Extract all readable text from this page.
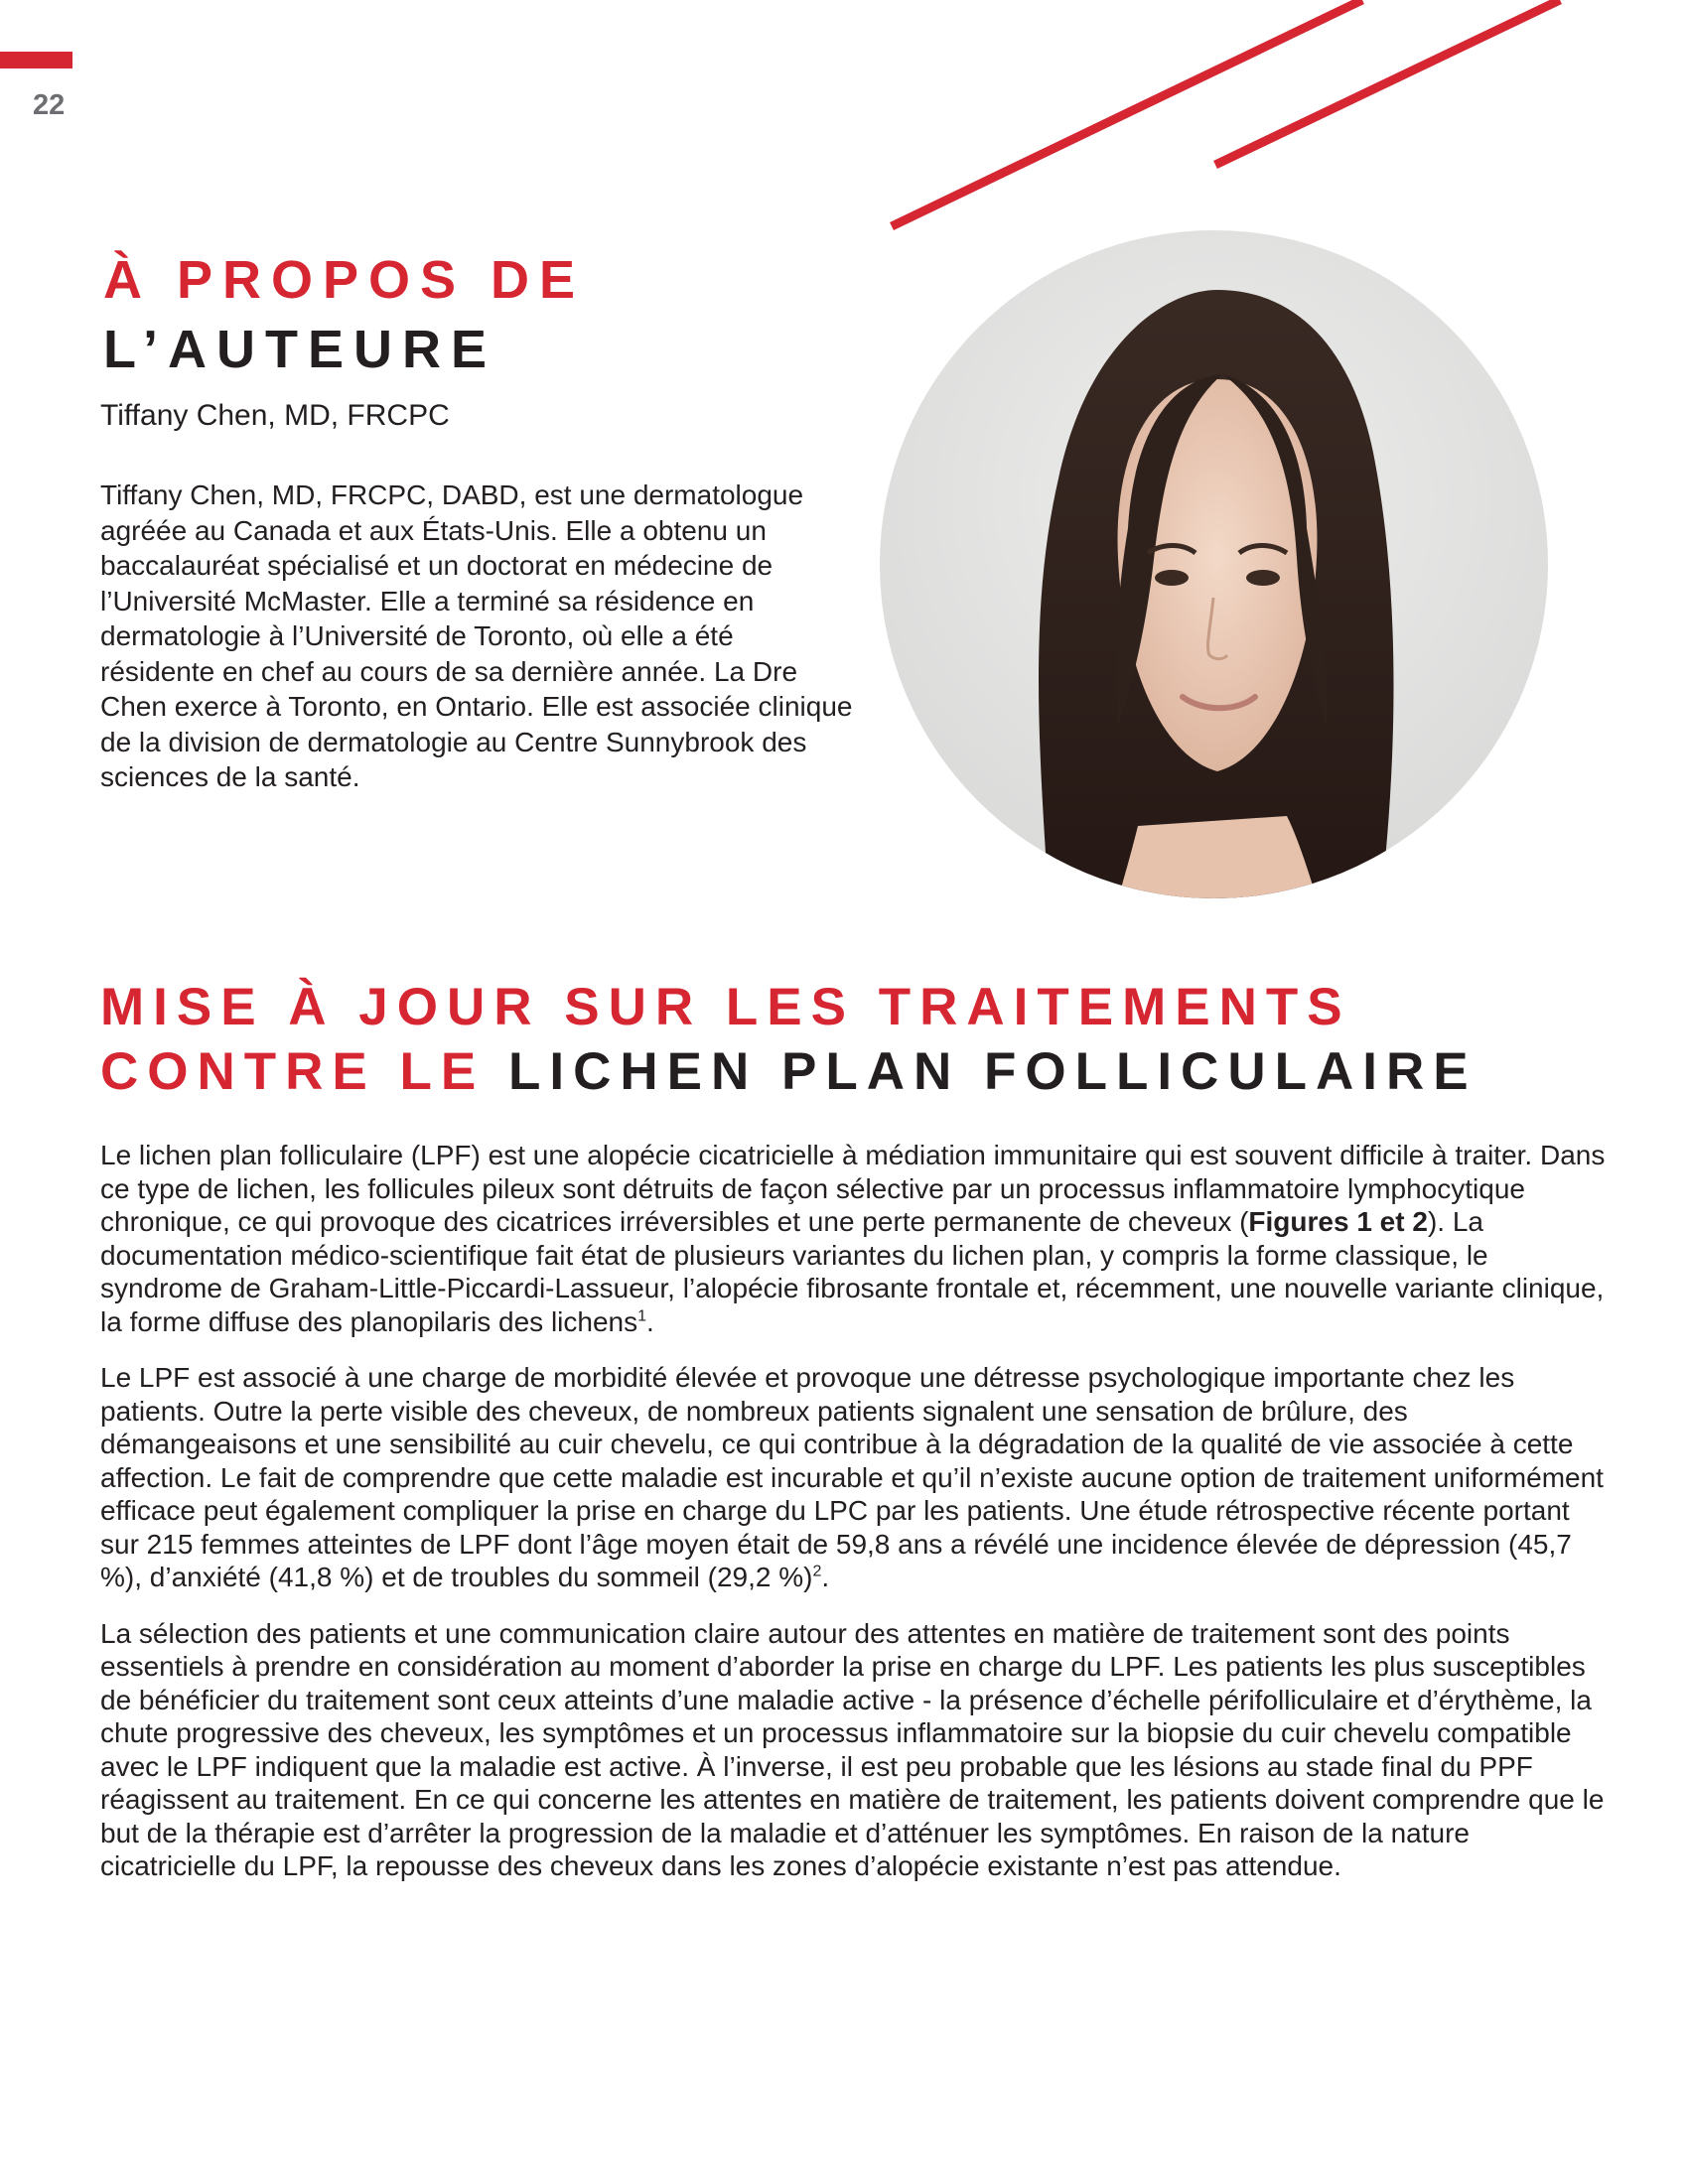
22
À PROPOS DE
L’AUTEURE
Tiffany Chen, MD, FRCPC

Tiffany Chen, MD, FRCPC, DABD, est une dermatologue agréée au Canada et aux États-Unis. Elle a obtenu un baccalauréat spécialisé et un doctorat en médecine de l’Université McMaster. Elle a terminé sa résidence en dermatologie à l’Université de Toronto, où elle a été résidente en chef au cours de sa dernière année. La Dre Chen exerce à Toronto, en Ontario. Elle est associée clinique de la division de dermatologie au Centre Sunnybrook des sciences de la santé.

MISE À JOUR SUR LES TRAITEMENTS
CONTRE LE LICHEN PLAN FOLLICULAIRE

Le lichen plan folliculaire (LPF) est une alopécie cicatricielle à médiation immunitaire qui est souvent difficile à traiter. Dans ce type de lichen, les follicules pileux sont détruits de façon sélective par un processus inflammatoire lymphocytique chronique, ce qui provoque des cicatrices irréversibles et une perte permanente de cheveux (Figures 1 et 2). La documentation médico-scientifique fait état de plusieurs variantes du lichen plan, y compris la forme classique, le syndrome de Graham-Little-Piccardi-Lassueur, l’alopécie fibrosante frontale et, récemment, une nouvelle variante clinique, la forme diffuse des planopilaris des lichens$^1$.

Le LPF est associé à une charge de morbidité élevée et provoque une détresse psychologique importante chez les patients. Outre la perte visible des cheveux, de nombreux patients signalent une sensation de brûlure, des démangeaisons et une sensibilité au cuir chevelu, ce qui contribue à la dégradation de la qualité de vie associée à cette affection. Le fait de comprendre que cette maladie est incurable et qu’il n’existe aucune option de traitement uniformément efficace peut également compliquer la prise en charge du LPC par les patients. Une étude rétrospective récente portant sur 215 femmes atteintes de LPF dont l’âge moyen était de 59,8 ans a révélé une incidence élevée de dépression (45,7 %), d’anxiété (41,8 %) et de troubles du sommeil (29,2 %)$^2$.

La sélection des patients et une communication claire autour des attentes en matière de traitement sont des points essentiels à prendre en considération au moment d’aborder la prise en charge du LPF. Les patients les plus susceptibles de bénéficier du traitement sont ceux atteints d’une maladie active - la présence d’échelle périfolliculaire et d’érythème, la chute progressive des cheveux, les symptômes et un processus inflammatoire sur la biopsie du cuir chevelu compatible avec le LPF indiquent que la maladie est active. À l’inverse, il est peu probable que les lésions au stade final du PPF réagissent au traitement. En ce qui concerne les attentes en matière de traitement, les patients doivent comprendre que le but de la thérapie est d’arrêter la progression de la maladie et d’atténuer les symptômes. En raison de la nature cicatricielle du LPF, la repousse des cheveux dans les zones d’alopécie existante n’est pas attendue.
